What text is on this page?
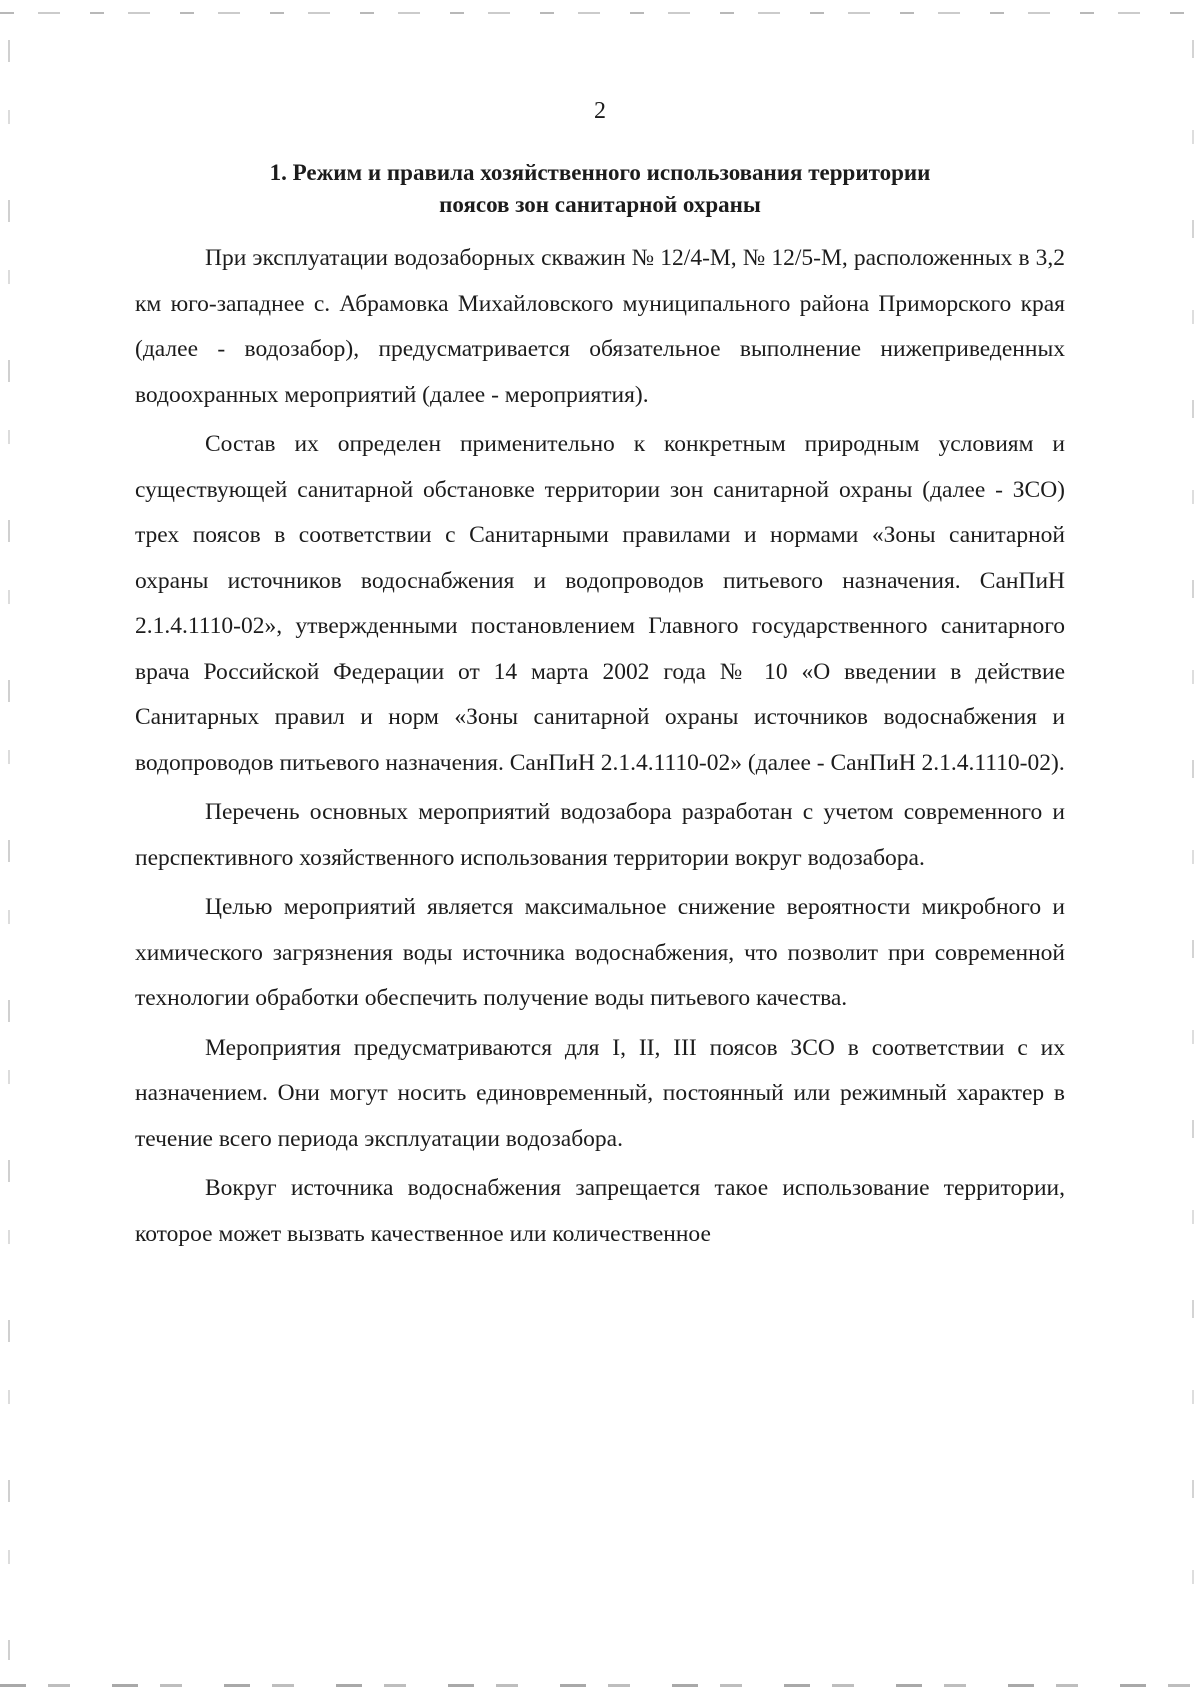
2
1. Режим и правила хозяйственного использования территории
поясов зон санитарной охраны

При эксплуатации водозаборных скважин № 12/4-М, № 12/5-М, расположенных в 3,2 км юго-западнее с. Абрамовка Михайловского муниципального района Приморского края (далее - водозабор), предусматривается обязательное выполнение нижеприведенных водоохранных мероприятий (далее - мероприятия).

Состав их определен применительно к конкретным природным условиям и существующей санитарной обстановке территории зон санитарной охраны (далее - ЗСО) трех поясов в соответствии с Санитарными правилами и нормами «Зоны санитарной охраны источников водоснабжения и водопроводов питьевого назначения. СанПиН 2.1.4.1110-02», утвержденными постановлением Главного государственного санитарного врача Российской Федерации от 14 марта 2002 года № 10 «О введении в действие Санитарных правил и норм «Зоны санитарной охраны источников водоснабжения и водопроводов питьевого назначения. СанПиН 2.1.4.1110-02» (далее - СанПиН 2.1.4.1110-02).

Перечень основных мероприятий водозабора разработан с учетом современного и перспективного хозяйственного использования территории вокруг водозабора.

Целью мероприятий является максимальное снижение вероятности микробного и химического загрязнения воды источника водоснабжения, что позволит при современной технологии обработки обеспечить получение воды питьевого качества.

Мероприятия предусматриваются для I, II, III поясов ЗСО в соответствии с их назначением. Они могут носить единовременный, постоянный или режимный характер в течение всего периода эксплуатации водозабора.

Вокруг источника водоснабжения запрещается такое использование территории, которое может вызвать качественное или количественное
